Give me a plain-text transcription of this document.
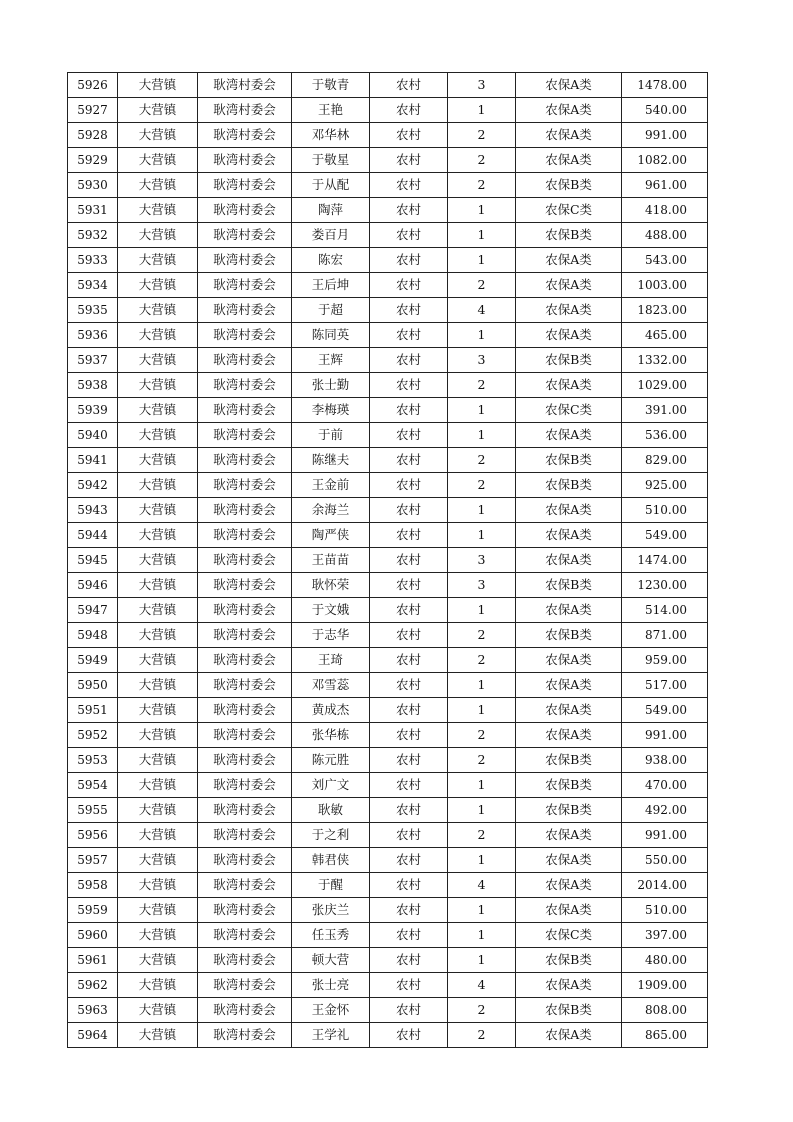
5926	大营镇	耿湾村委会	于敬青	农村	3	农保A类	1478.00
5927	大营镇	耿湾村委会	王艳	农村	1	农保A类	540.00
5928	大营镇	耿湾村委会	邓华林	农村	2	农保A类	991.00
5929	大营镇	耿湾村委会	于敬星	农村	2	农保A类	1082.00
5930	大营镇	耿湾村委会	于从配	农村	2	农保B类	961.00
5931	大营镇	耿湾村委会	陶萍	农村	1	农保C类	418.00
5932	大营镇	耿湾村委会	娄百月	农村	1	农保B类	488.00
5933	大营镇	耿湾村委会	陈宏	农村	1	农保A类	543.00
5934	大营镇	耿湾村委会	王后坤	农村	2	农保A类	1003.00
5935	大营镇	耿湾村委会	于超	农村	4	农保A类	1823.00
5936	大营镇	耿湾村委会	陈同英	农村	1	农保A类	465.00
5937	大营镇	耿湾村委会	王辉	农村	3	农保B类	1332.00
5938	大营镇	耿湾村委会	张士勤	农村	2	农保A类	1029.00
5939	大营镇	耿湾村委会	李梅瑛	农村	1	农保C类	391.00
5940	大营镇	耿湾村委会	于前	农村	1	农保A类	536.00
5941	大营镇	耿湾村委会	陈继夫	农村	2	农保B类	829.00
5942	大营镇	耿湾村委会	王金前	农村	2	农保B类	925.00
5943	大营镇	耿湾村委会	余海兰	农村	1	农保A类	510.00
5944	大营镇	耿湾村委会	陶严侠	农村	1	农保A类	549.00
5945	大营镇	耿湾村委会	王苗苗	农村	3	农保A类	1474.00
5946	大营镇	耿湾村委会	耿怀荣	农村	3	农保B类	1230.00
5947	大营镇	耿湾村委会	于文娥	农村	1	农保A类	514.00
5948	大营镇	耿湾村委会	于志华	农村	2	农保B类	871.00
5949	大营镇	耿湾村委会	王琦	农村	2	农保A类	959.00
5950	大营镇	耿湾村委会	邓雪蕊	农村	1	农保A类	517.00
5951	大营镇	耿湾村委会	黄成杰	农村	1	农保A类	549.00
5952	大营镇	耿湾村委会	张华栋	农村	2	农保A类	991.00
5953	大营镇	耿湾村委会	陈元胜	农村	2	农保B类	938.00
5954	大营镇	耿湾村委会	刘广文	农村	1	农保B类	470.00
5955	大营镇	耿湾村委会	耿敏	农村	1	农保B类	492.00
5956	大营镇	耿湾村委会	于之利	农村	2	农保A类	991.00
5957	大营镇	耿湾村委会	韩君侠	农村	1	农保A类	550.00
5958	大营镇	耿湾村委会	于醒	农村	4	农保A类	2014.00
5959	大营镇	耿湾村委会	张庆兰	农村	1	农保A类	510.00
5960	大营镇	耿湾村委会	任玉秀	农村	1	农保C类	397.00
5961	大营镇	耿湾村委会	顿大营	农村	1	农保B类	480.00
5962	大营镇	耿湾村委会	张士亮	农村	4	农保A类	1909.00
5963	大营镇	耿湾村委会	王金怀	农村	2	农保B类	808.00
5964	大营镇	耿湾村委会	王学礼	农村	2	农保A类	865.00
